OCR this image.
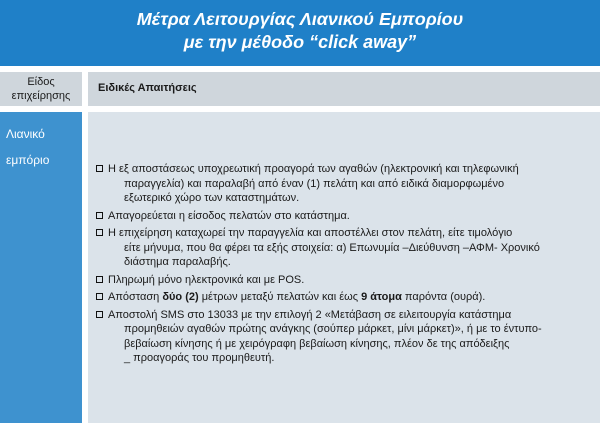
Μέτρα Λειτουργίας Λιανικού Εμπορίου
με την μέθοδο “click away”
Είδος
επιχείρησης
Ειδικές Απαιτήσεις
Λιανικό
εμπόριο
Η εξ αποστάσεως υποχρεωτική προαγορά των αγαθών (ηλεκτρονική και τηλεφωνική
παραγγελία) και παραλαβή από έναν (1) πελάτη και από ειδικά διαμορφωμένο
εξωτερικό χώρο των καταστημάτων.
Απαγορεύεται η είσοδος πελατών στο κατάστημα.
Η επιχείρηση καταχωρεί την παραγγελία και αποστέλλει στον πελάτη, είτε τιμολόγιο
είτε μήνυμα, που θα φέρει τα εξής στοιχεία: α) Επωνυμία –Διεύθυνση –ΑΦΜ- Χρονικό
διάστημα παραλαβής.
Πληρωμή μόνο ηλεκτρονικά και με POS.
Απόσταση δύο (2) μέτρων μεταξύ πελατών και έως 9 άτομα παρόντα (ουρά).
Αποστολή SMS στο 13033 με την επιλογή 2 «Μετάβαση σε ειλειτουργία κατάστημα
προμηθειών αγαθών πρώτης ανάγκης (σούπερ μάρκετ, μίνι μάρκετ)», ή με το έντυπο-
βεβαίωση κίνησης ή με χειρόγραφη βεβαίωση κίνησης, πλέον δε της απόδειξης
_ προαγοράς του προμηθευτή.
